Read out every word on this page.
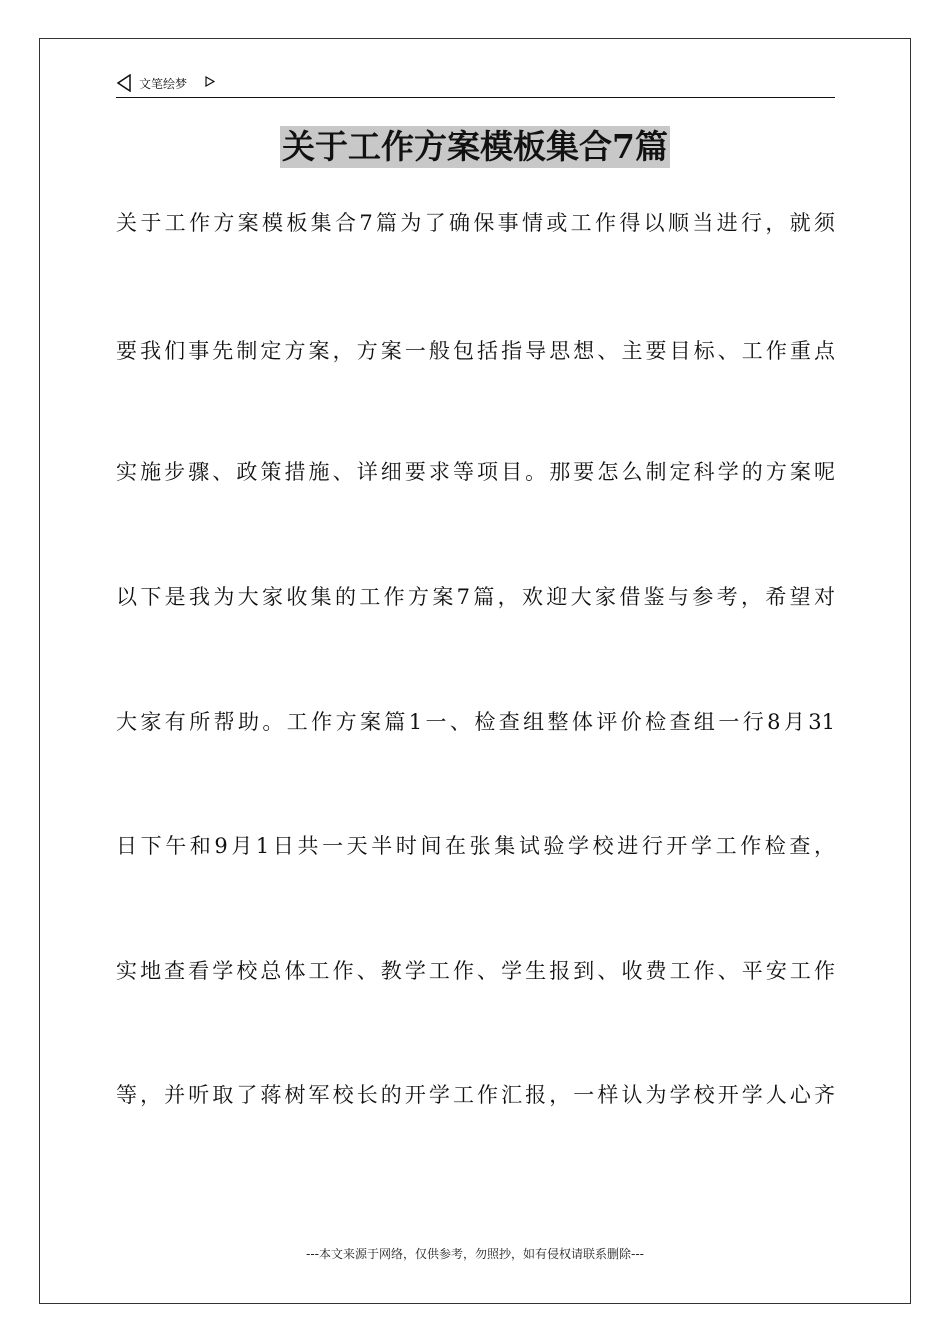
文笔绘梦
关于工作方案模板集合7篇
关于工作方案模板集合7篇为了确保事情或工作得以顺当进行，就须
要我们事先制定方案，方案一般包括指导思想、主要目标、工作重点
实施步骤、政策措施、详细要求等项目。那要怎么制定科学的方案呢
以下是我为大家收集的工作方案7篇，欢迎大家借鉴与参考，希望对
大家有所帮助。工作方案篇1一、检查组整体评价检查组一行8月31
日下午和9月1日共一天半时间在张集试验学校进行开学工作检查，
实地查看学校总体工作、教学工作、学生报到、收费工作、平安工作
等，并听取了蒋树军校长的开学工作汇报，一样认为学校开学人心齐
---本文来源于网络，仅供参考，勿照抄，如有侵权请联系删除---
